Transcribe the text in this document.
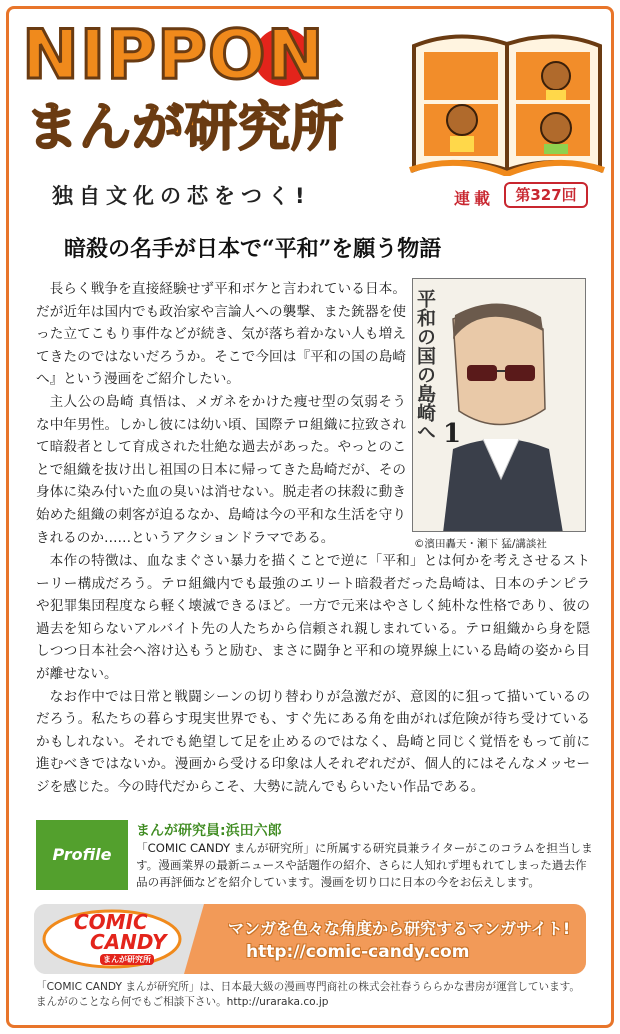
NIPPON
まんが研究所
独自文化の芯をつく!	連載	第327回
暗殺の名手が日本で“平和”を願う物語

長らく戦争を直接経験せず平和ボケと言われている日本。だが近年は国内でも政治家や言論人への襲撃、また銃器を使った立てこもり事件などが続き、気が落ち着かない人も増えてきたのではないだろうか。そこで今回は『平和の国の島崎へ』という漫画をご紹介したい。

主人公の島崎 真悟は、メガネをかけた痩せ型の気弱そうな中年男性。しかし彼には幼い頃、国際テロ組織に拉致されて暗殺者として育成された壮絶な過去があった。やっとのことで組織を抜け出し祖国の日本に帰ってきた島崎だが、その身体に染み付いた血の臭いは消せない。脱走者の抹殺に動き始めた組織の刺客が迫るなか、島崎は今の平和な生活を守りきれるのか……というアクションドラマである。

平和の国の島崎へ 1
©濱田轟天・瀬下 猛/講談社

本作の特徴は、血なまぐさい暴力を描くことで逆に「平和」とは何かを考えさせるストーリー構成だろう。テロ組織内でも最強のエリート暗殺者だった島崎は、日本のチンピラや犯罪集団程度なら軽く壊滅できるほど。一方で元来はやさしく純朴な性格であり、彼の過去を知らないアルバイト先の人たちから信頼され親しまれている。テロ組織から身を隠しつつ日本社会へ溶け込もうと励む、まさに闘争と平和の境界線上にいる島崎の姿から目が離せない。

なお作中では日常と戦闘シーンの切り替わりが急激だが、意図的に狙って描いているのだろう。私たちの暮らす現実世界でも、すぐ先にある角を曲がれば危険が待ち受けているかもしれない。それでも絶望して足を止めるのではなく、島崎と同じく覚悟をもって前に進むべきではないか。漫画から受ける印象は人それぞれだが、個人的にはそんなメッセージを感じた。今の時代だからこそ、大勢に読んでもらいたい作品である。

Profile
まんが研究員:浜田六郎
「COMIC CANDY まんが研究所」に所属する研究員兼ライターがこのコラムを担当します。漫画業界の最新ニュースや話題作の紹介、さらに人知れず埋もれてしまった過去作品の再評価などを紹介しています。漫画を切り口に日本の今をお伝えします。
COMIC
CANDY
まんが研究所
マンガを色々な角度から研究するマンガサイト!
http://comic-candy.com
「COMIC CANDY まんが研究所」は、日本最大級の漫画専門商社の株式会社春うららかな書房が運営しています。
まんがのことなら何でもご相談下さい。http://uraraka.co.jp
